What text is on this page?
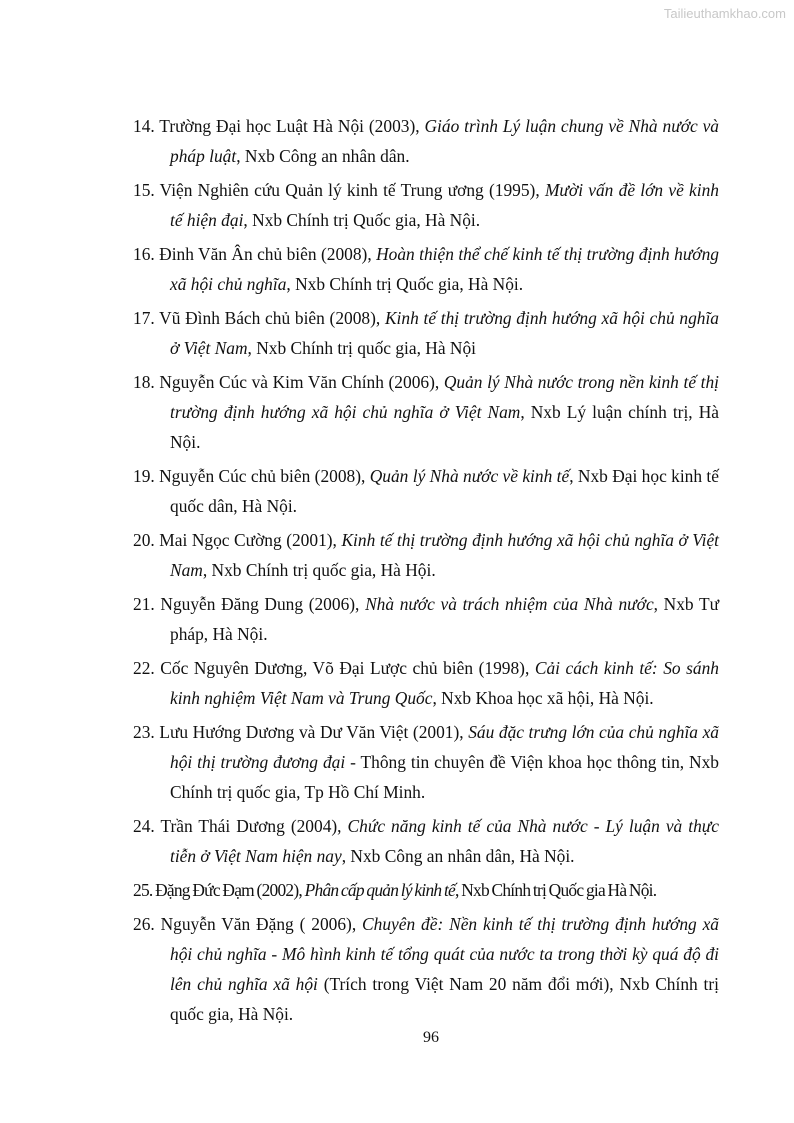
Tailieuthamkhao.com
14. Trường Đại học Luật Hà Nội (2003), Giáo trình Lý luận chung về Nhà nước và pháp luật, Nxb Công an nhân dân.
15. Viện Nghiên cứu Quản lý kinh tế Trung ương (1995), Mười vấn đề lớn về kinh tế hiện đại, Nxb Chính trị Quốc gia, Hà Nội.
16. Đinh Văn Ân chủ biên (2008), Hoàn thiện thể chế kinh tế thị trường định hướng xã hội chủ nghĩa, Nxb Chính trị Quốc gia, Hà Nội.
17. Vũ Đình Bách chủ biên (2008), Kinh tế thị trường định hướng xã hội chủ nghĩa ở Việt Nam, Nxb Chính trị quốc gia, Hà Nội
18. Nguyễn Cúc và Kim Văn Chính (2006), Quản lý Nhà nước trong nền kinh tế thị trường định hướng xã hội chủ nghĩa ở Việt Nam, Nxb Lý luận chính trị, Hà Nội.
19. Nguyễn Cúc chủ biên (2008), Quản lý Nhà nước về kinh tế, Nxb Đại học kinh tế quốc dân, Hà Nội.
20. Mai Ngọc Cường (2001), Kinh tế thị trường định hướng xã hội chủ nghĩa ở Việt Nam, Nxb Chính trị quốc gia, Hà Hội.
21. Nguyễn Đăng Dung (2006), Nhà nước và trách nhiệm của Nhà nước, Nxb Tư pháp, Hà Nội.
22. Cốc Nguyên Dương, Võ Đại Lược chủ biên (1998), Cải cách kinh tế: So sánh kinh nghiệm Việt Nam và Trung Quốc, Nxb Khoa học xã hội, Hà Nội.
23. Lưu Hướng Dương và Dư Văn Việt (2001), Sáu đặc trưng lớn của chủ nghĩa xã hội thị trường đương đại - Thông tin chuyên đề Viện khoa học thông tin, Nxb Chính trị quốc gia, Tp Hồ Chí Minh.
24. Trần Thái Dương (2004), Chức năng kinh tế của Nhà nước - Lý luận và thực tiễn ở Việt Nam hiện nay, Nxb Công an nhân dân, Hà Nội.
25. Đặng Đức Đạm (2002), Phân cấp quản lý kinh tế, Nxb Chính trị Quốc gia Hà Nội.
26. Nguyễn Văn Đặng ( 2006), Chuyên đề: Nền kinh tế thị trường định hướng xã hội chủ nghĩa - Mô hình kinh tế tổng quát của nước ta trong thời kỳ quá độ đi lên chủ nghĩa xã hội (Trích trong Việt Nam 20 năm đổi mới), Nxb Chính trị quốc gia, Hà Nội.
96
